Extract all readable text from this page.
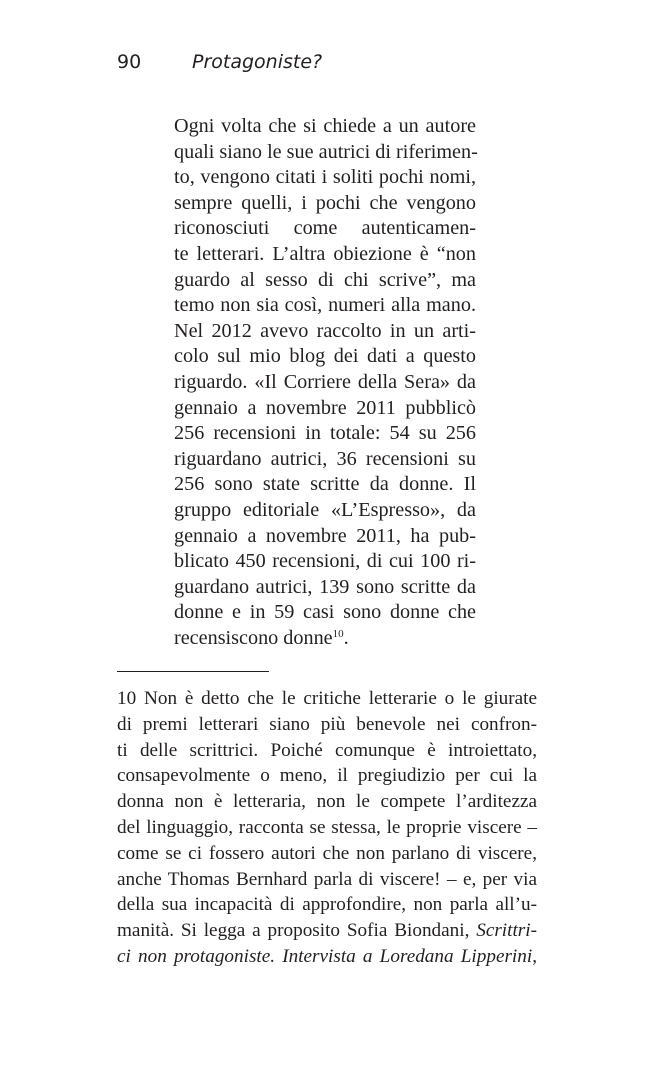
90	Protagoniste?
Ogni volta che si chiede a un autore
quali siano le sue autrici di riferimen-
to, vengono citati i soliti pochi nomi,
sempre quelli, i pochi che vengono
riconosciuti come autenticamen-
te letterari. L’altra obiezione è “non
guardo al sesso di chi scrive”, ma
temo non sia così, numeri alla mano.
Nel 2012 avevo raccolto in un arti-
colo sul mio blog dei dati a questo
riguardo. «Il Corriere della Sera» da
gennaio a novembre 2011 pubblicò
256 recensioni in totale: 54 su 256
riguardano autrici, 36 recensioni su
256 sono state scritte da donne. Il
gruppo editoriale «L’Espresso», da
gennaio a novembre 2011, ha pub-
blicato 450 recensioni, di cui 100 ri-
guardano autrici, 139 sono scritte da
donne e in 59 casi sono donne che
recensiscono donne$^{10}$.
10 Non è detto che le critiche letterarie o le giurate
di premi letterari siano più benevole nei confron-
ti delle scrittrici. Poiché comunque è introiettato,
consapevolmente o meno, il pregiudizio per cui la
donna non è letteraria, non le compete l’arditezza
del linguaggio, racconta se stessa, le proprie viscere –
come se ci fossero autori che non parlano di viscere,
anche Thomas Bernhard parla di viscere! – e, per via
della sua incapacità di approfondire, non parla all’u-
manità. Si legga a proposito Sofia Biondani, Scrittri-
ci non protagoniste. Intervista a Loredana Lipperini,
